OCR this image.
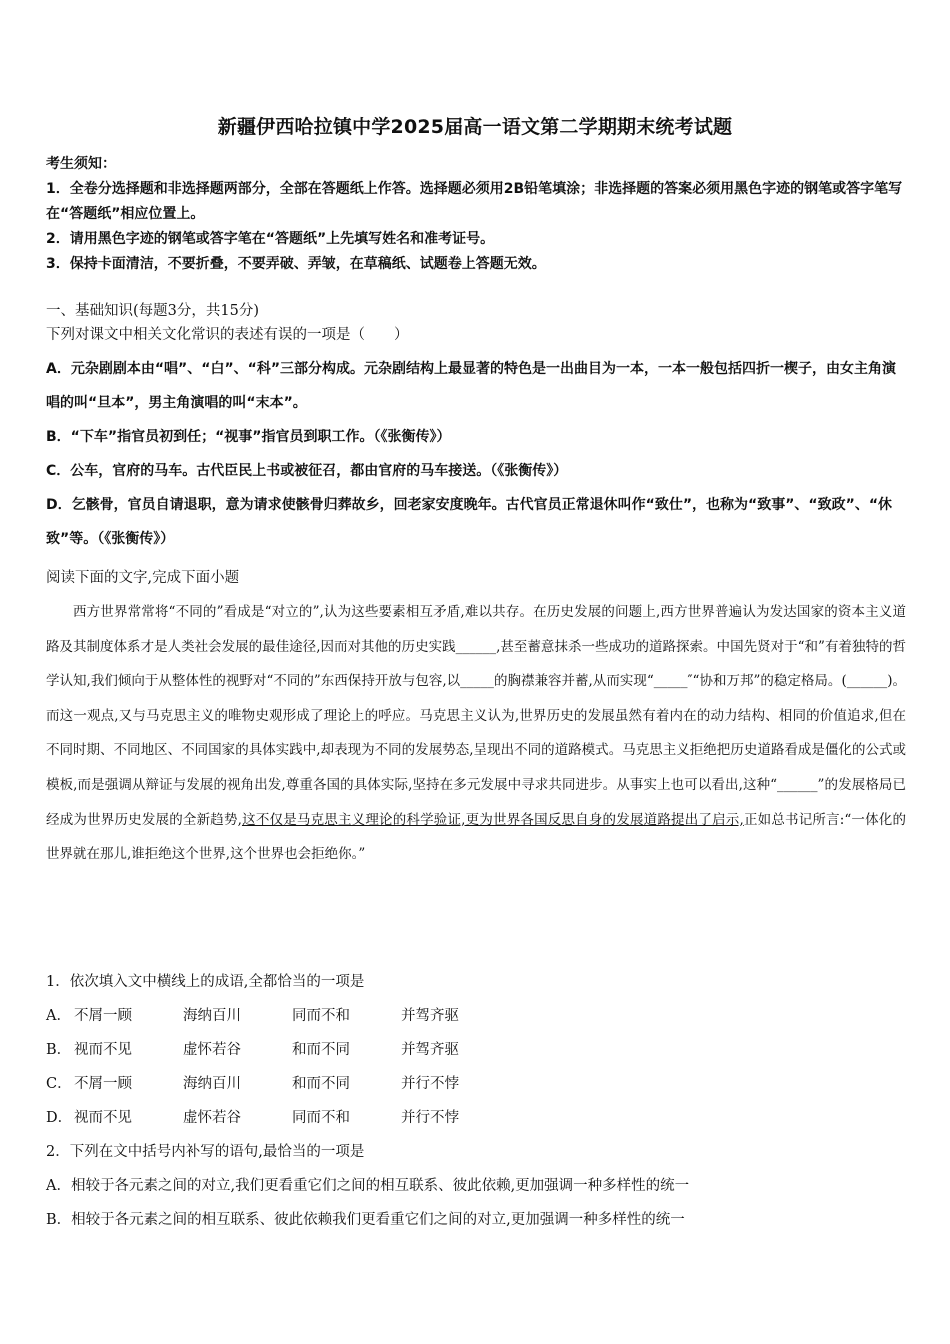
新疆伊西哈拉镇中学2025届高一语文第二学期期末统考试题

考生须知：

1．全卷分选择题和非选择题两部分，全部在答题纸上作答。选择题必须用2B铅笔填涂；非选择题的答案必须用黑色字迹的钢笔或答字笔写在“答题纸”相应位置上。

2．请用黑色字迹的钢笔或答字笔在“答题纸”上先填写姓名和准考证号。

3．保持卡面清洁，不要折叠，不要弄破、弄皱，在草稿纸、试题卷上答题无效。

一、基础知识(每题3分，共15分)

下列对课文中相关文化常识的表述有误的一项是（　　）

A．元杂剧剧本由“唱”、“白”、“科”三部分构成。元杂剧结构上最显著的特色是一出曲目为一本，一本一般包括四折一楔子，由女主角演唱的叫“旦本”，男主角演唱的叫“末本”。

B．“下车”指官员初到任；“视事”指官员到职工作。（《张衡传》）

C．公车，官府的马车。古代臣民上书或被征召，都由官府的马车接送。（《张衡传》）

D．乞骸骨，官员自请退职，意为请求使骸骨归葬故乡，回老家安度晚年。古代官员正常退休叫作“致仕”，也称为“致事”、“致政”、“休致”等。（《张衡传》）

阅读下面的文字,完成下面小题

西方世界常常将“不同的”看成是“对立的”,认为这些要素相互矛盾,难以共存。在历史发展的问题上,西方世界普遍认为发达国家的资本主义道路及其制度体系才是人类社会发展的最佳途径,因而对其他的历史实践______,甚至蓄意抹杀一些成功的道路探索。中国先贤对于“和”有着独特的哲学认知,我们倾向于从整体性的视野对“不同的”东西保持开放与包容,以_____的胸襟兼容并蓄,从而实现“_____″“协和万邦”的稳定格局。(______)。而这一观点,又与马克思主义的唯物史观形成了理论上的呼应。马克思主义认为,世界历史的发展虽然有着内在的动力结构、相同的价值追求,但在不同时期、不同地区、不同国家的具体实践中,却表现为不同的发展势态,呈现出不同的道路模式。马克思主义拒绝把历史道路看成是僵化的公式或模板,而是强调从辩证与发展的视角出发,尊重各国的具体实际,坚持在多元发展中寻求共同进步。从事实上也可以看出,这种“______”的发展格局已经成为世界历史发展的全新趋势,这不仅是马克思主义理论的科学验证,更为世界各国反思自身的发展道路提出了启示,正如总书记所言:“一体化的世界就在那儿,谁拒绝这个世界,这个世界也会拒绝你。”

1．依次填入文中横线上的成语,全都恰当的一项是

A． 不屑一顾	海纳百川	同而不和	并驾齐驱
B． 视而不见	虚怀若谷	和而不同	并驾齐驱
C． 不屑一顾	海纳百川	和而不同	并行不悖
D． 视而不见	虚怀若谷	同而不和	并行不悖

2．下列在文中括号内补写的语句,最恰当的一项是

A．相较于各元素之间的对立,我们更看重它们之间的相互联系、彼此依赖,更加强调一种多样性的统一

B．相较于各元素之间的相互联系、彼此依赖我们更看重它们之间的对立,更加强调一种多样性的统一
